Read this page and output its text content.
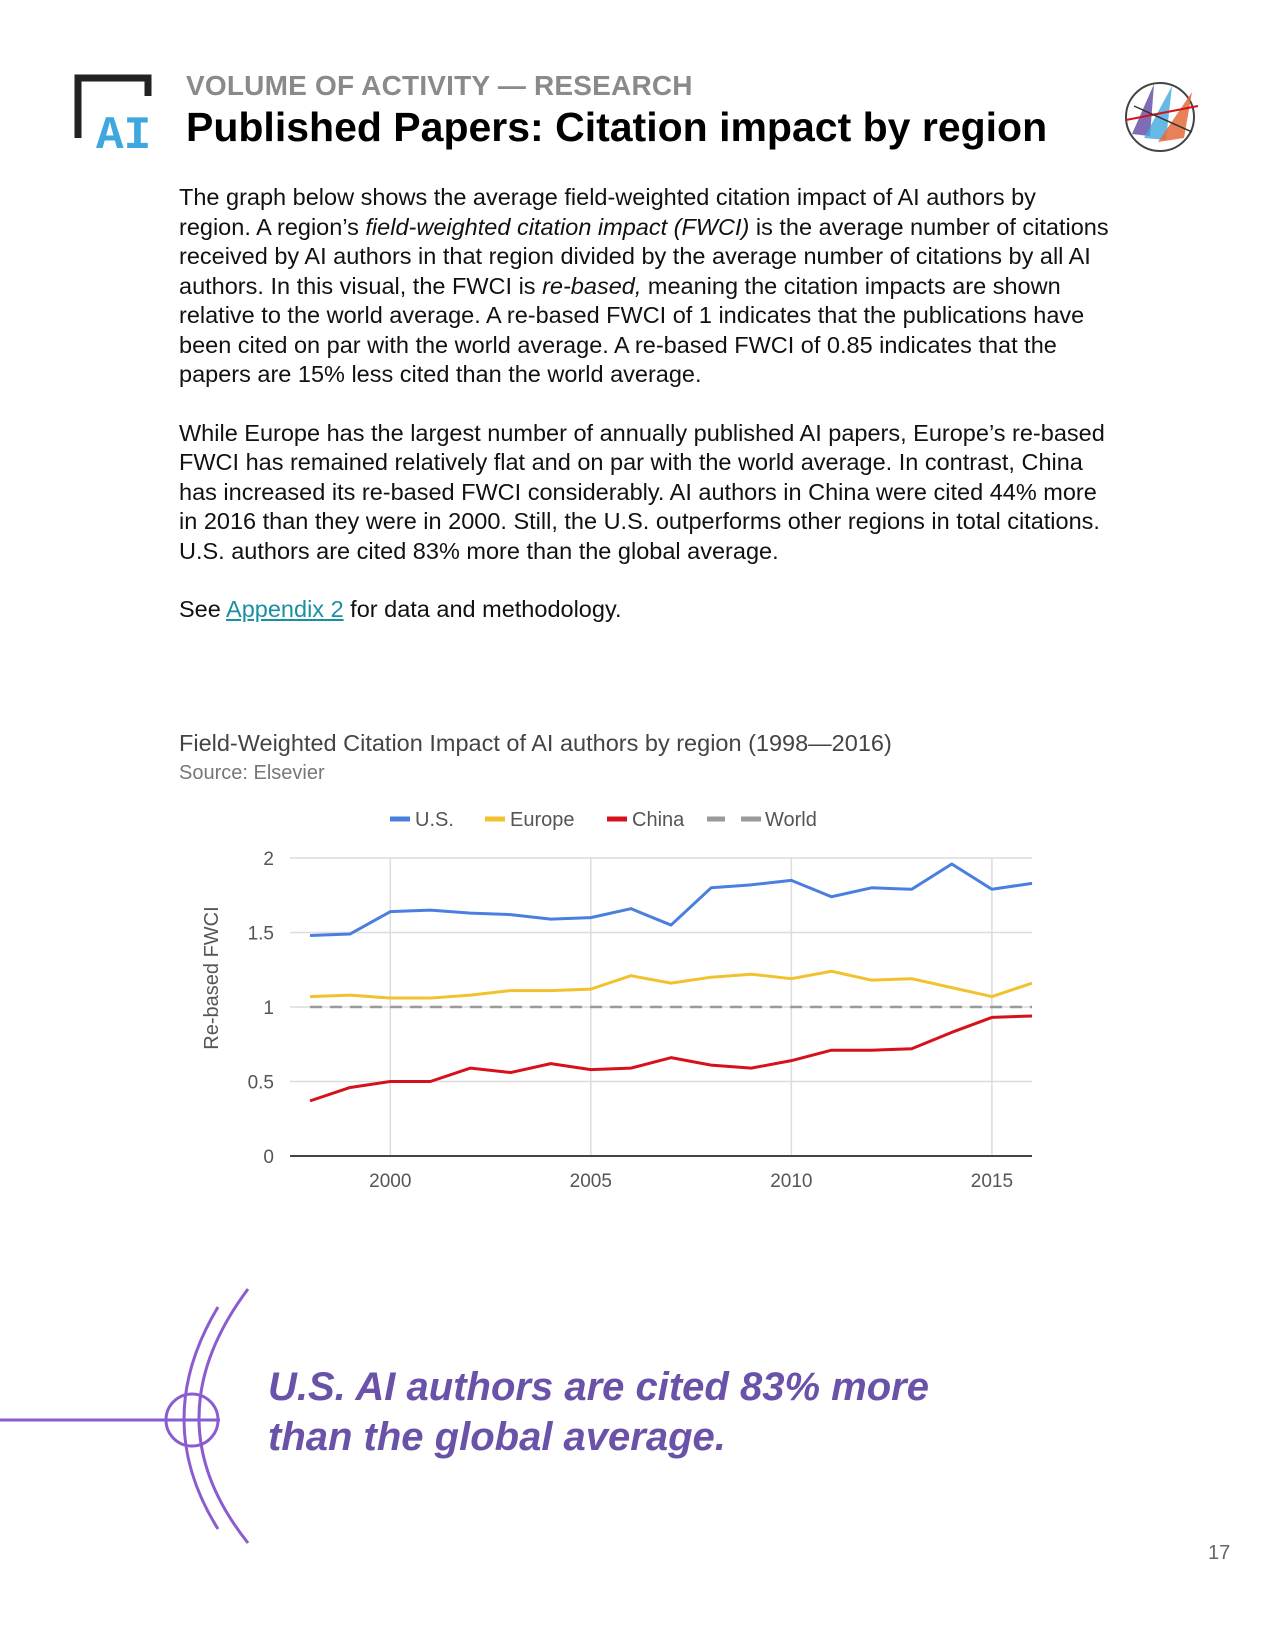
AI
VOLUME OF ACTIVITY — RESEARCH
Published Papers: Citation impact by region

The graph below shows the average field-weighted citation impact of AI authors by region. A region’s field-weighted citation impact (FWCI) is the average number of citations received by AI authors in that region divided by the average number of citations by all AI authors. In this visual, the FWCI is re-based, meaning the citation impacts are shown relative to the world average. A re-based FWCI of 1 indicates that the publications have been cited on par with the world average. A re-based FWCI of 0.85 indicates that the papers are 15% less cited than the world average.

While Europe has the largest number of annually published AI papers, Europe’s re-based FWCI has remained relatively flat and on par with the world average. In contrast, China has increased its re-based FWCI considerably. AI authors in China were cited 44% more in 2016 than they were in 2000. Still, the U.S. outperforms other regions in total citations. U.S. authors are cited 83% more than the global average.

See Appendix 2 for data and methodology.

Field-Weighted Citation Impact of AI authors by region (1998—2016)
Source: Elsevier
0
0.5
1
1.5
2
2000	2005	2010	2015
U.S.	Europe	China	World
Re-based FWCI
U.S. AI authors are cited 83% more
than the global average.
17
